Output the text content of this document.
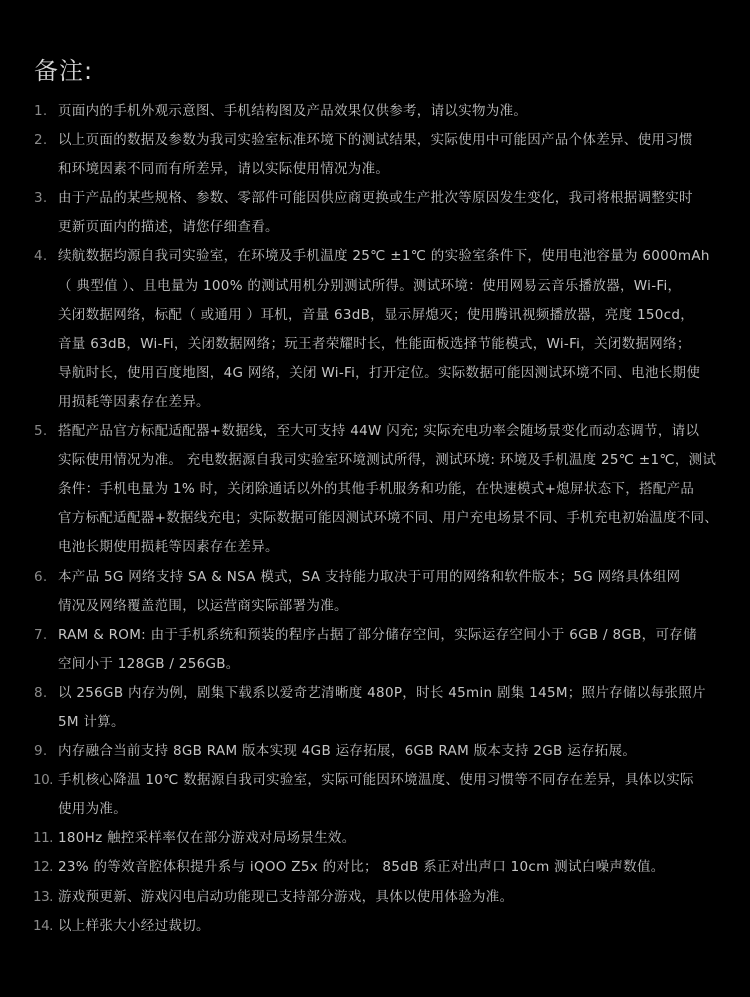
备注:
1. 页面内的手机外观示意图、手机结构图及产品效果仅供参考，请以实物为准。
2. 以上页面的数据及参数为我司实验室标准环境下的测试结果，实际使用中可能因产品个体差异、使用习惯
和环境因素不同而有所差异，请以实际使用情况为准。
3. 由于产品的某些规格、参数、零部件可能因供应商更换或生产批次等原因发生变化，我司将根据调整实时
更新页面内的描述，请您仔细查看。
4. 续航数据均源自我司实验室，在环境及手机温度 25℃ ±1℃ 的实验室条件下，使用电池容量为 6000mAh
（ 典型值 ）、且电量为 100% 的测试用机分别测试所得。测试环境：使用网易云音乐播放器，Wi-Fi，
关闭数据网络，标配（ 或通用 ）耳机，音量 63dB，显示屏熄灭；使用腾讯视频播放器，亮度 150cd，
音量 63dB，Wi-Fi，关闭数据网络；玩王者荣耀时长，性能面板选择节能模式，Wi-Fi，关闭数据网络；
导航时长，使用百度地图，4G 网络，关闭 Wi-Fi，打开定位。实际数据可能因测试环境不同、电池长期使
用损耗等因素存在差异。
5. 搭配产品官方标配适配器+数据线，至大可支持 44W 闪充; 实际充电功率会随场景变化而动态调节，请以
实际使用情况为准。 充电数据源自我司实验室环境测试所得，测试环境: 环境及手机温度 25℃ ±1℃，测试
条件：手机电量为 1% 时，关闭除通话以外的其他手机服务和功能，在快速模式+熄屏状态下，搭配产品
官方标配适配器+数据线充电；实际数据可能因测试环境不同、用户充电场景不同、手机充电初始温度不同、
电池长期使用损耗等因素存在差异。
6. 本产品 5G 网络支持 SA & NSA 模式，SA 支持能力取决于可用的网络和软件版本；5G 网络具体组网
情况及网络覆盖范围，以运营商实际部署为准。
7. RAM & ROM: 由于手机系统和预装的程序占据了部分储存空间，实际运存空间小于 6GB / 8GB，可存储
空间小于 128GB / 256GB。
8. 以 256GB 内存为例，剧集下载系以爱奇艺清晰度 480P，时长 45min 剧集 145M；照片存储以每张照片
5M 计算。
9. 内存融合当前支持 8GB RAM 版本实现 4GB 运存拓展，6GB RAM 版本支持 2GB 运存拓展。
10. 手机核心降温 10℃ 数据源自我司实验室，实际可能因环境温度、使用习惯等不同存在差异，具体以实际
使用为准。
11. 180Hz 触控采样率仅在部分游戏对局场景生效。
12. 23% 的等效音腔体积提升系与 iQOO Z5x 的对比； 85dB 系正对出声口 10cm 测试白噪声数值。
13. 游戏预更新、游戏闪电启动功能现已支持部分游戏，具体以使用体验为准。
14. 以上样张大小经过裁切。
